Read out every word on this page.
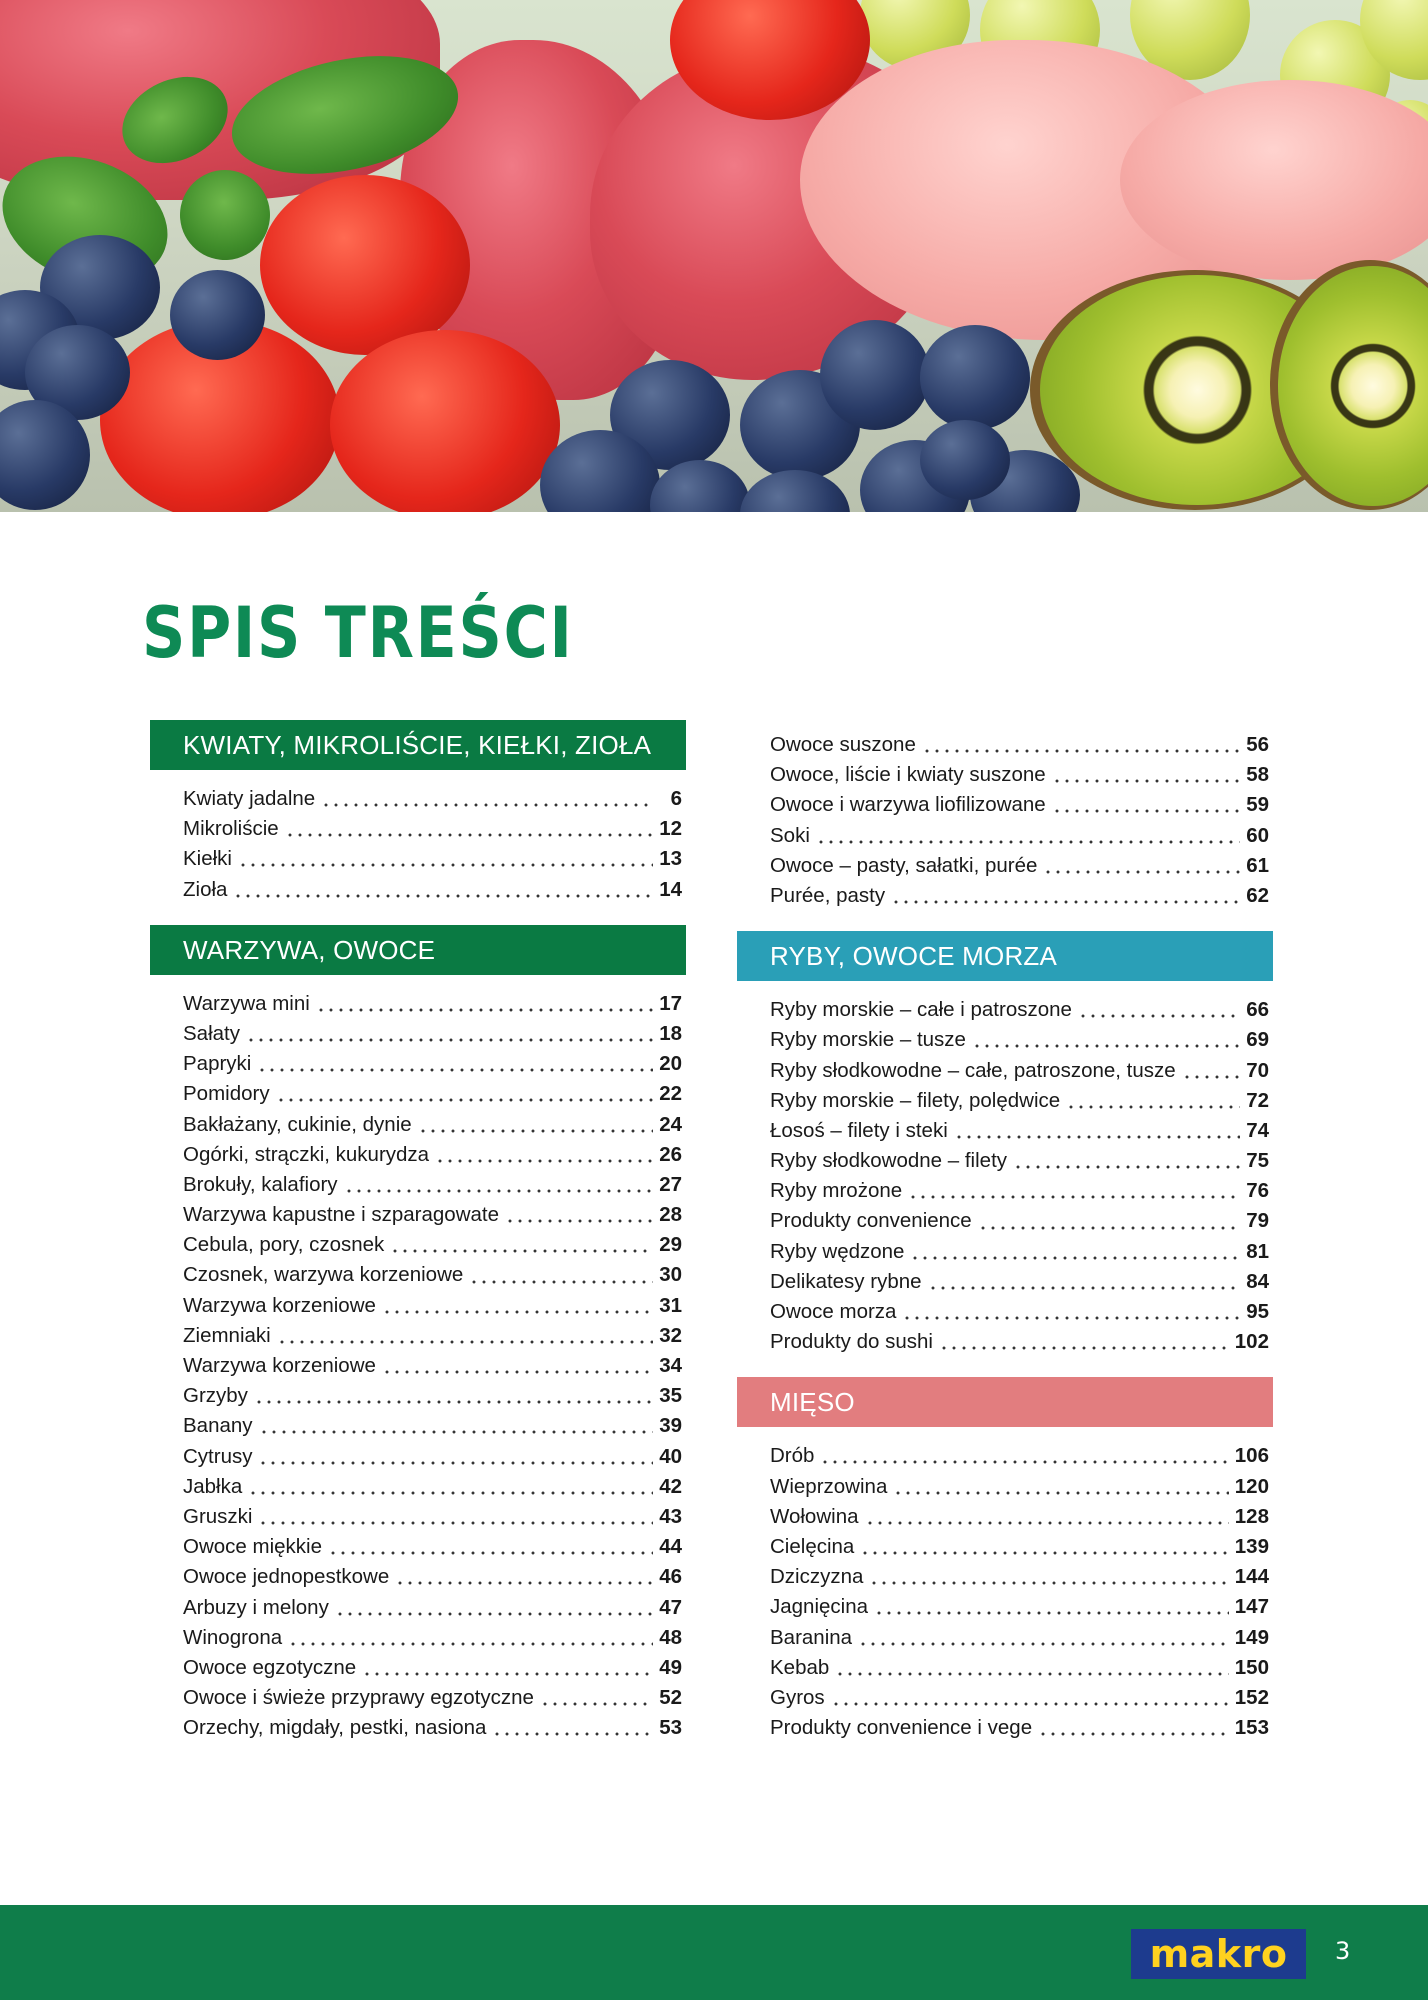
SPIS TREŚCI
KWIATY, MIKROLIŚCIE, KIEŁKI, ZIOŁA
Kwiaty jadalne	6
Mikroliście	12
Kiełki	13
Zioła	14
WARZYWA, OWOCE
Warzywa mini	17
Sałaty	18
Papryki	20
Pomidory	22
Bakłażany, cukinie, dynie	24
Ogórki, strączki, kukurydza	26
Brokuły, kalafiory	27
Warzywa kapustne i szparagowate	28
Cebula, pory, czosnek	29
Czosnek, warzywa korzeniowe	30
Warzywa korzeniowe	31
Ziemniaki	32
Warzywa korzeniowe	34
Grzyby	35
Banany	39
Cytrusy	40
Jabłka	42
Gruszki	43
Owoce miękkie	44
Owoce jednopestkowe	46
Arbuzy i melony	47
Winogrona	48
Owoce egzotyczne	49
Owoce i świeże przyprawy egzotyczne	52
Orzechy, migdały, pestki, nasiona	53
Owoce suszone	56
Owoce, liście i kwiaty suszone	58
Owoce i warzywa liofilizowane	59
Soki	60
Owoce – pasty, sałatki, purée	61
Purée, pasty	62
RYBY, OWOCE MORZA
Ryby morskie – całe i patroszone	66
Ryby morskie – tusze	69
Ryby słodkowodne – całe, patroszone, tusze	70
Ryby morskie – filety, polędwice	72
Łosoś – filety i steki	74
Ryby słodkowodne – filety	75
Ryby mrożone	76
Produkty convenience	79
Ryby wędzone	81
Delikatesy rybne	84
Owoce morza	95
Produkty do sushi	102
MIĘSO
Drób	106
Wieprzowina	120
Wołowina	128
Cielęcina	139
Dziczyzna	144
Jagnięcina	147
Baranina	149
Kebab	150
Gyros	152
Produkty convenience i vege	153
makro	3
